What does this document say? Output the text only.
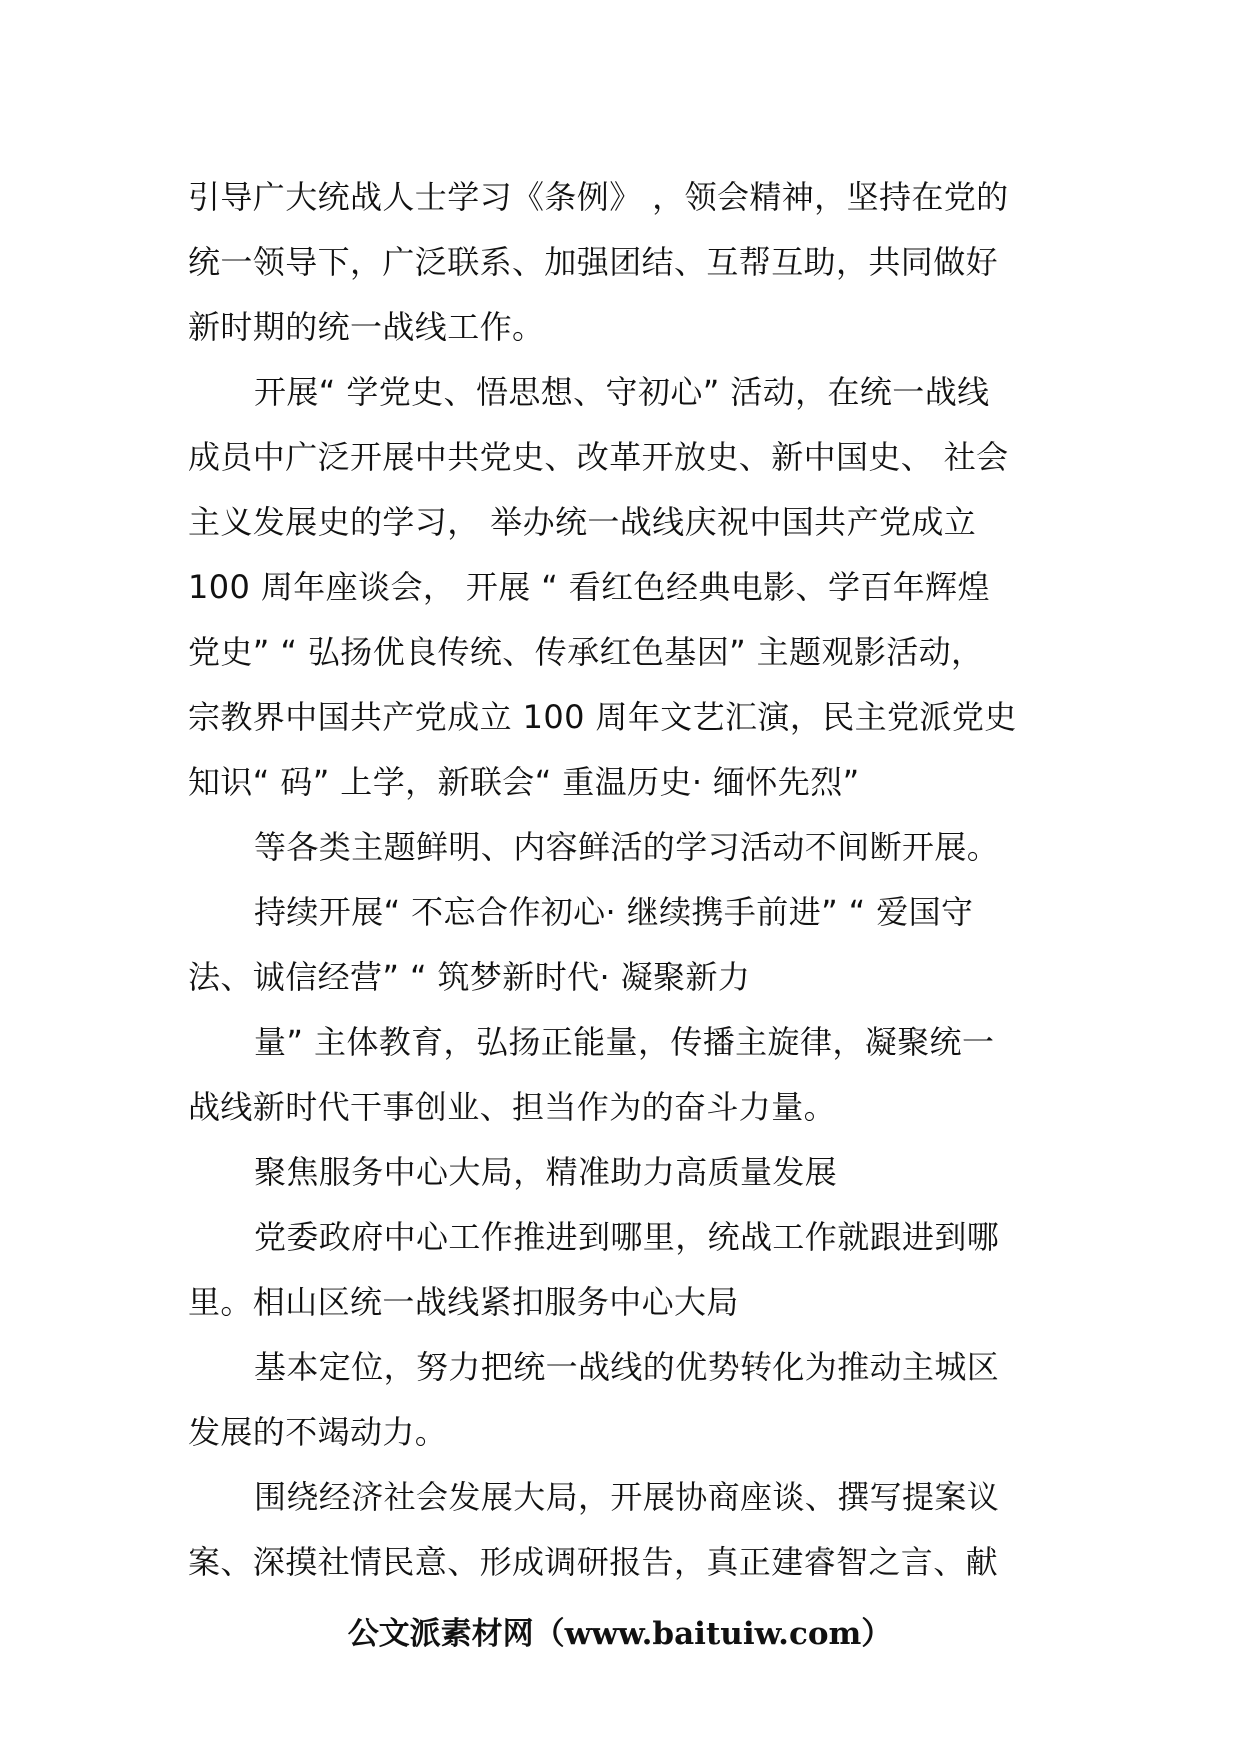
引导广大统战人士学习《条例》 ，领会精神，坚持在党的
统一领导下，广泛联系、加强团结、互帮互助，共同做好
新时期的统一战线工作。
开展“ 学党史、悟思想、守初心” 活动，在统一战线
成员中广泛开展中共党史、改革开放史、新中国史、 社会
主义发展史的学习， 举办统一战线庆祝中国共产党成立
100 周年座谈会， 开展 “ 看红色经典电影、学百年辉煌
党史” “ 弘扬优良传统、传承红色基因” 主题观影活动，
宗教界中国共产党成立 100 周年文艺汇演，民主党派党史
知识“ 码” 上学，新联会“ 重温历史· 缅怀先烈”
等各类主题鲜明、内容鲜活的学习活动不间断开展。
持续开展“ 不忘合作初心· 继续携手前进” “ 爱国守
法、诚信经营” “ 筑梦新时代· 凝聚新力
量” 主体教育，弘扬正能量，传播主旋律，凝聚统一
战线新时代干事创业、担当作为的奋斗力量。
聚焦服务中心大局，精准助力高质量发展
党委政府中心工作推进到哪里，统战工作就跟进到哪
里。相山区统一战线紧扣服务中心大局
基本定位，努力把统一战线的优势转化为推动主城区
发展的不竭动力。
围绕经济社会发展大局，开展协商座谈、撰写提案议
案、深摸社情民意、形成调研报告，真正建睿智之言、献
公文派素材网（www.baituiw.com）
